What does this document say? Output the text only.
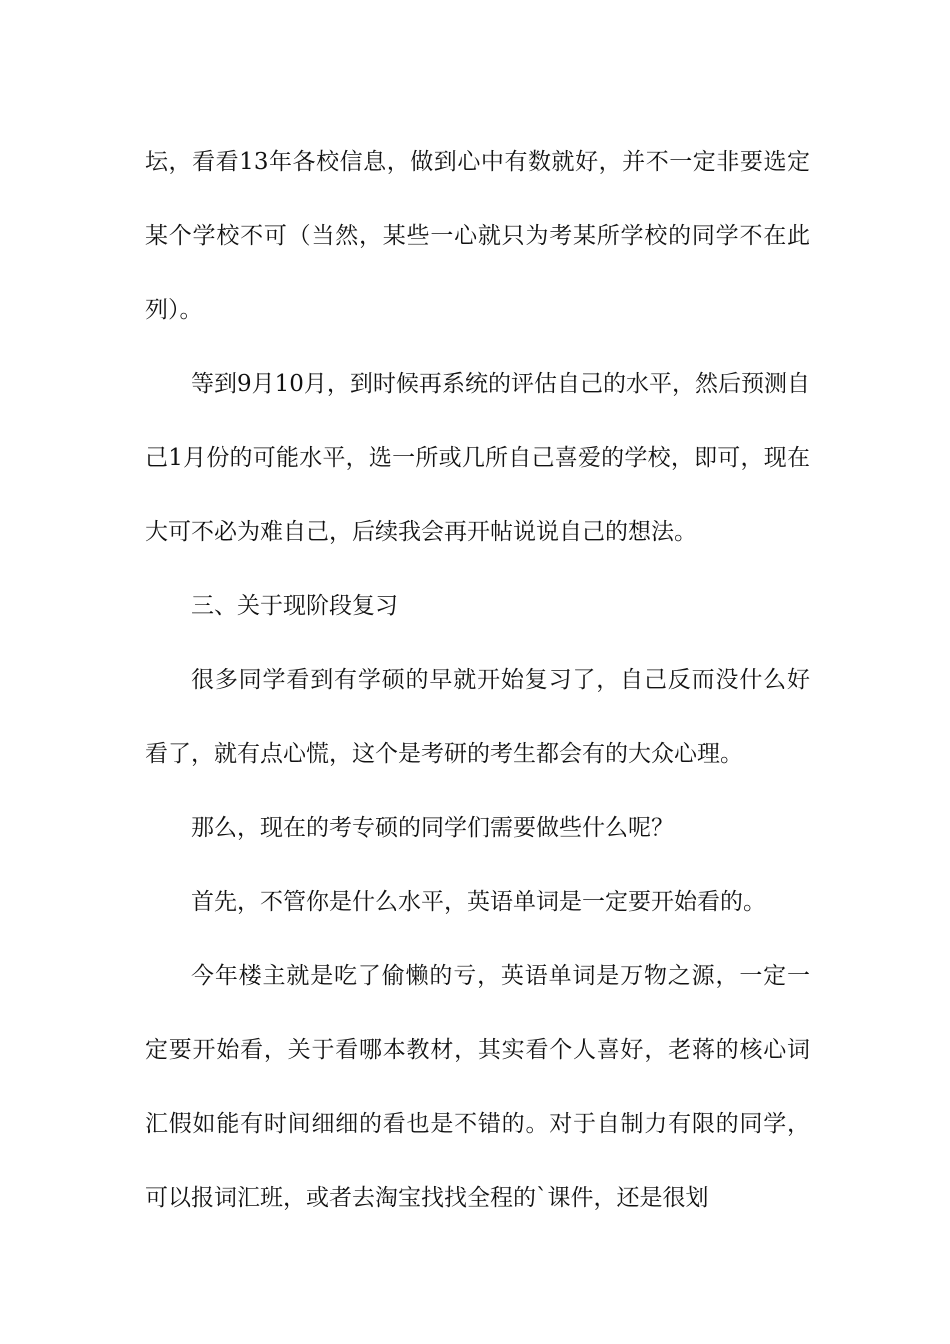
坛，看看13年各校信息，做到心中有数就好，并不一定非要选定某个学校不可（当然，某些一心就只为考某所学校的同学不在此列）。

等到9月10月，到时候再系统的评估自己的水平，然后预测自己1月份的可能水平，选一所或几所自己喜爱的学校，即可，现在大可不必为难自己，后续我会再开帖说说自己的想法。

三、关于现阶段复习

很多同学看到有学硕的早就开始复习了，自己反而没什么好看了，就有点心慌，这个是考研的考生都会有的大众心理。

那么，现在的考专硕的同学们需要做些什么呢？

首先，不管你是什么水平，英语单词是一定要开始看的。

今年楼主就是吃了偷懒的亏，英语单词是万物之源，一定一定要开始看，关于看哪本教材，其实看个人喜好，老蒋的核心词汇假如能有时间细细的看也是不错的。对于自制力有限的同学，可以报词汇班，或者去淘宝找找全程的`课件，还是很划
